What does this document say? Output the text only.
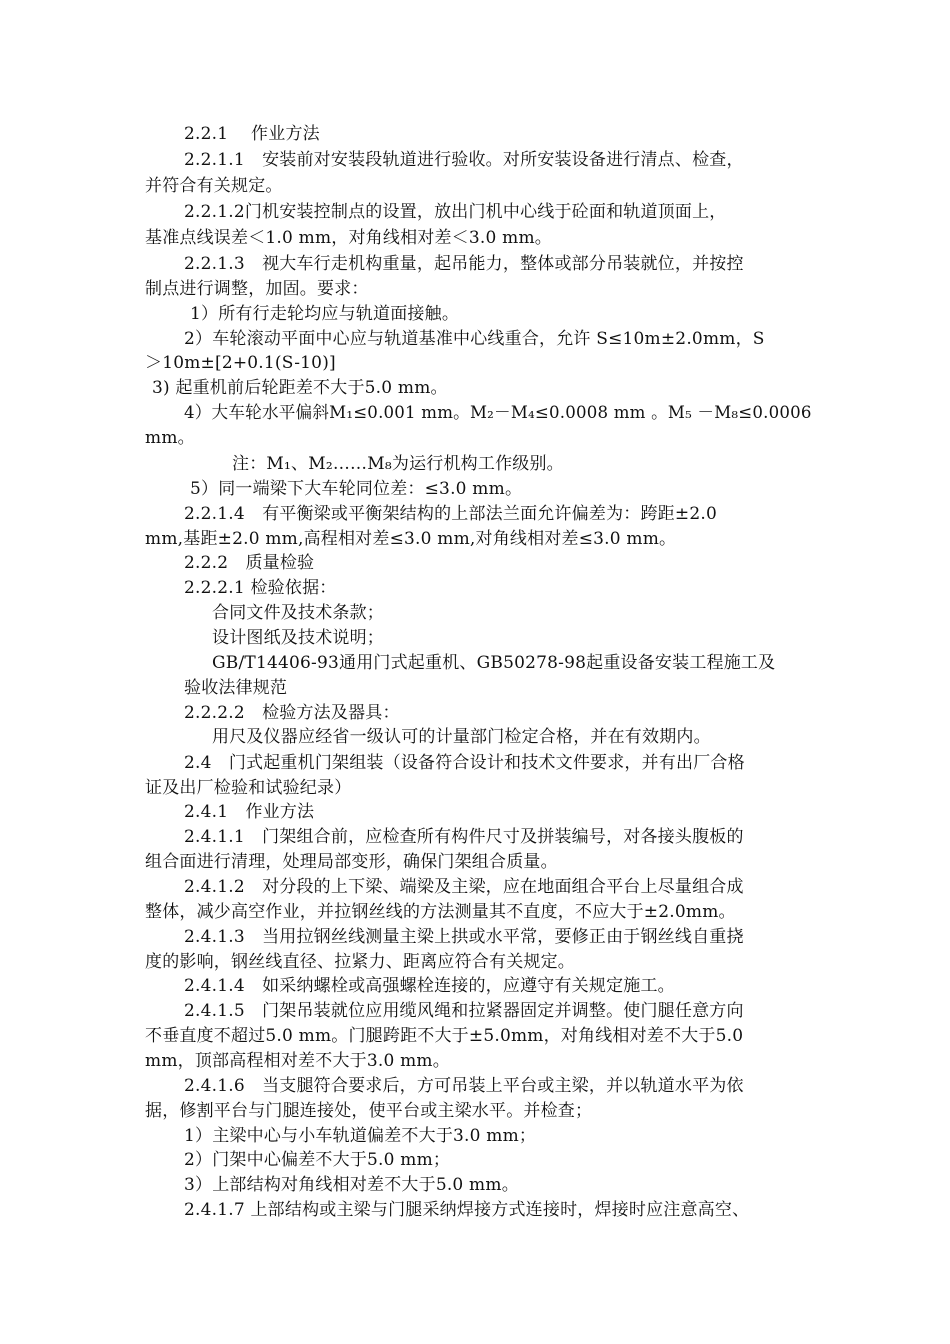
2.2.1　 作业方法
2.2.1.1　安装前对安装段轨道进行验收。对所安装设备进行清点、检查，
并符合有关规定。
2.2.1.2门机安装控制点的设置，放出门机中心线于砼面和轨道顶面上，
基准点线误差＜1.0 mm，对角线相对差＜3.0 mm。
2.2.1.3　视大车行走机构重量，起吊能力，整体或部分吊装就位，并按控
制点进行调整，加固。要求：
1）所有行走轮均应与轨道面接触。
2）车轮滚动平面中心应与轨道基准中心线重合，允许 S≤10m±2.0mm，S
＞10m±[2+0.1(S-10)]
3) 起重机前后轮距差不大于5.0 mm。
4）大车轮水平偏斜M₁≤0.001 mm。M₂－M₄≤0.0008 mm 。M₅ －M₈≤0.0006
mm。
注：M₁、M₂……M₈为运行机构工作级别。
5）同一端梁下大车轮同位差：≤3.0 mm。
2.2.1.4　有平衡梁或平衡架结构的上部法兰面允许偏差为：跨距±2.0
mm,基距±2.0 mm,高程相对差≤3.0 mm,对角线相对差≤3.0 mm。
2.2.2　质量检验
2.2.2.1 检验依据：
合同文件及技术条款；
设计图纸及技术说明；
GB/T14406-93通用门式起重机、GB50278-98起重设备安装工程施工及
验收法律规范
2.2.2.2　检验方法及器具：
用尺及仪器应经省一级认可的计量部门检定合格，并在有效期内。
2.4　门式起重机门架组装（设备符合设计和技术文件要求，并有出厂合格
证及出厂检验和试验纪录）
2.4.1　作业方法
2.4.1.1　门架组合前，应检查所有构件尺寸及拼装编号，对各接头腹板的
组合面进行清理，处理局部变形，确保门架组合质量。
2.4.1.2　对分段的上下梁、端梁及主梁，应在地面组合平台上尽量组合成
整体，减少高空作业，并拉钢丝线的方法测量其不直度，不应大于±2.0mm。
2.4.1.3　当用拉钢丝线测量主梁上拱或水平常，要修正由于钢丝线自重挠
度的影响，钢丝线直径、拉紧力、距离应符合有关规定。
2.4.1.4　如采纳螺栓或高强螺栓连接的，应遵守有关规定施工。
2.4.1.5　门架吊装就位应用缆风绳和拉紧器固定并调整。使门腿任意方向
不垂直度不超过5.0 mm。门腿跨距不大于±5.0mm，对角线相对差不大于5.0
mm，顶部高程相对差不大于3.0 mm。
2.4.1.6　当支腿符合要求后，方可吊装上平台或主梁，并以轨道水平为依
据，修割平台与门腿连接处，使平台或主梁水平。并检查；
1）主梁中心与小车轨道偏差不大于3.0 mm；
2）门架中心偏差不大于5.0 mm；
3）上部结构对角线相对差不大于5.0 mm。
2.4.1.7 上部结构或主梁与门腿采纳焊接方式连接时，焊接时应注意高空、
